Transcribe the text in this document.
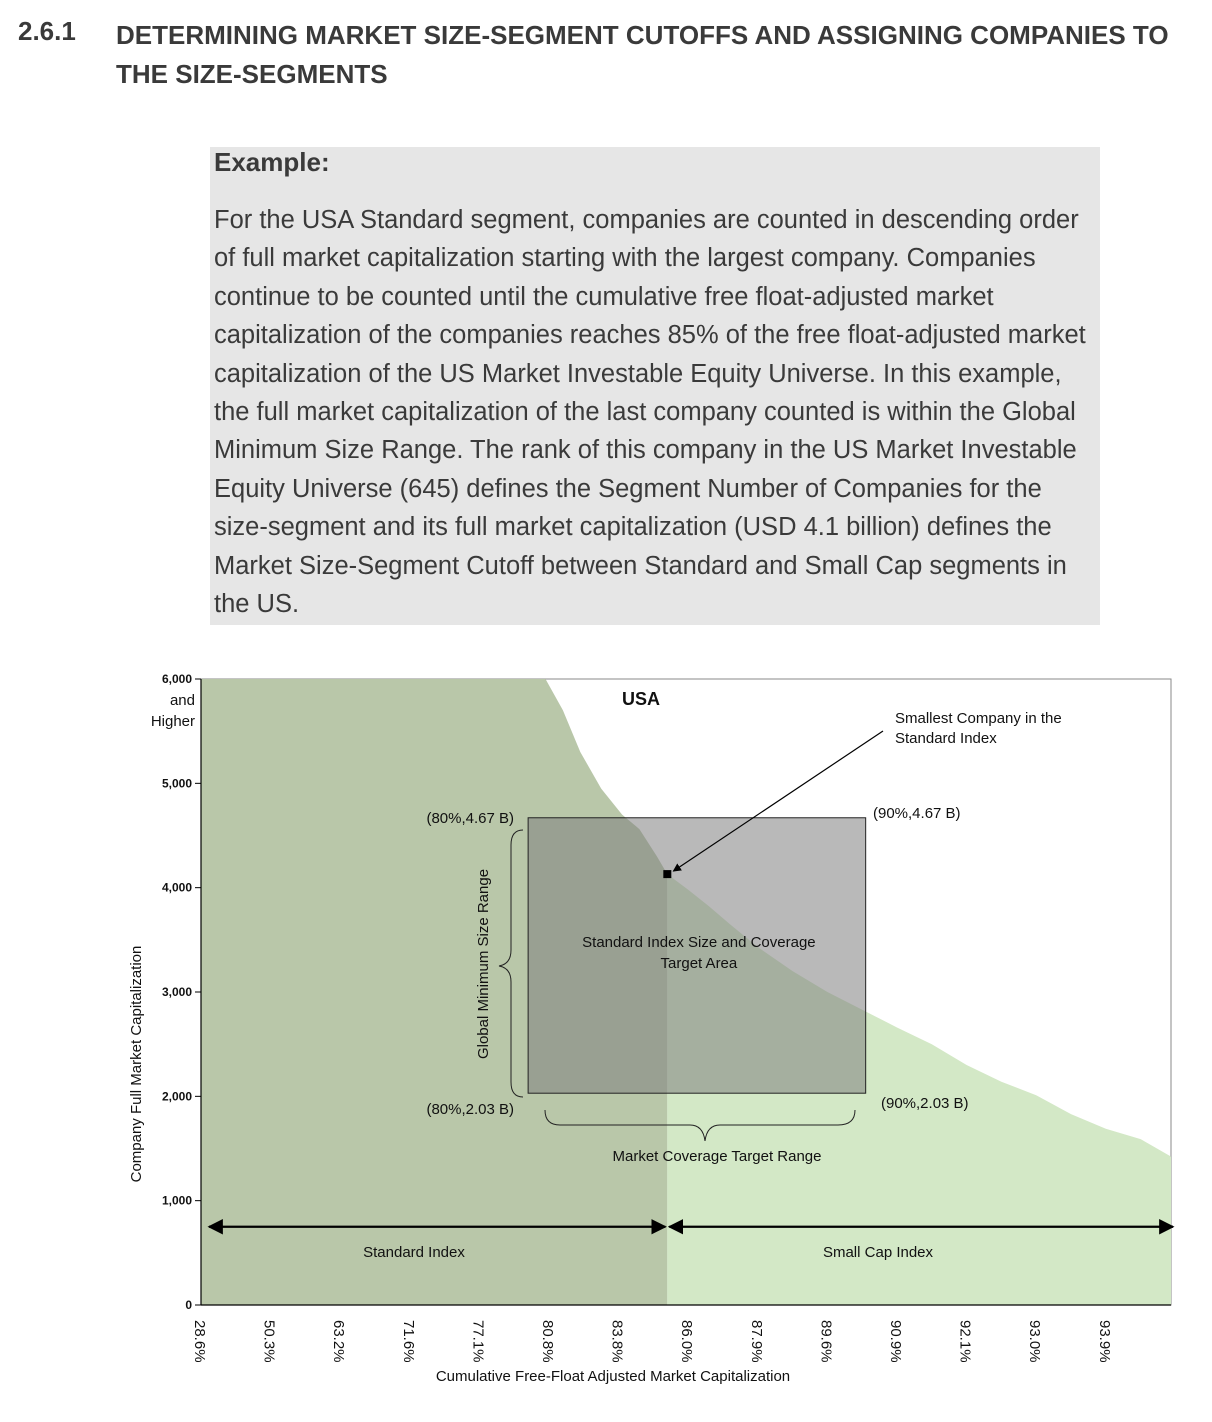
2.6.1 DETERMINING MARKET SIZE-SEGMENT CUTOFFS AND ASSIGNING COMPANIES TO THE SIZE-SEGMENTS
Example:
For the USA Standard segment, companies are counted in descending order of full market capitalization starting with the largest company. Companies continue to be counted until the cumulative free float-adjusted market capitalization of the companies reaches 85% of the free float-adjusted market capitalization of the US Market Investable Equity Universe. In this example, the full market capitalization of the last company counted is within the Global Minimum Size Range. The rank of this company in the US Market Investable Equity Universe (645) defines the Segment Number of Companies for the size-segment and its full market capitalization (USD 4.1 billion) defines the Market Size-Segment Cutoff between Standard and Small Cap segments in the US.
Standard Index Size and Coverage
Target Area
0
1,000
2,000
3,000
4,000
5,000
6,000
and
Higher
28.6%	50.3%	63.2%	71.6%	77.1%	80.8%	83.8%	86.0%	87.9%	89.6%	90.9%	92.1%	93.0%	93.9%
Cumulative Free-Float Adjusted Market Capitalization
Company Full Market Capitalization
USA
(80%,4.67 B)
(80%,2.03 B)
(90%,4.67 B)
(90%,2.03 B)
Global Minimum Size Range
Market Coverage Target Range
Smallest Company in the
Standard Index
Standard Index	Small Cap Index
